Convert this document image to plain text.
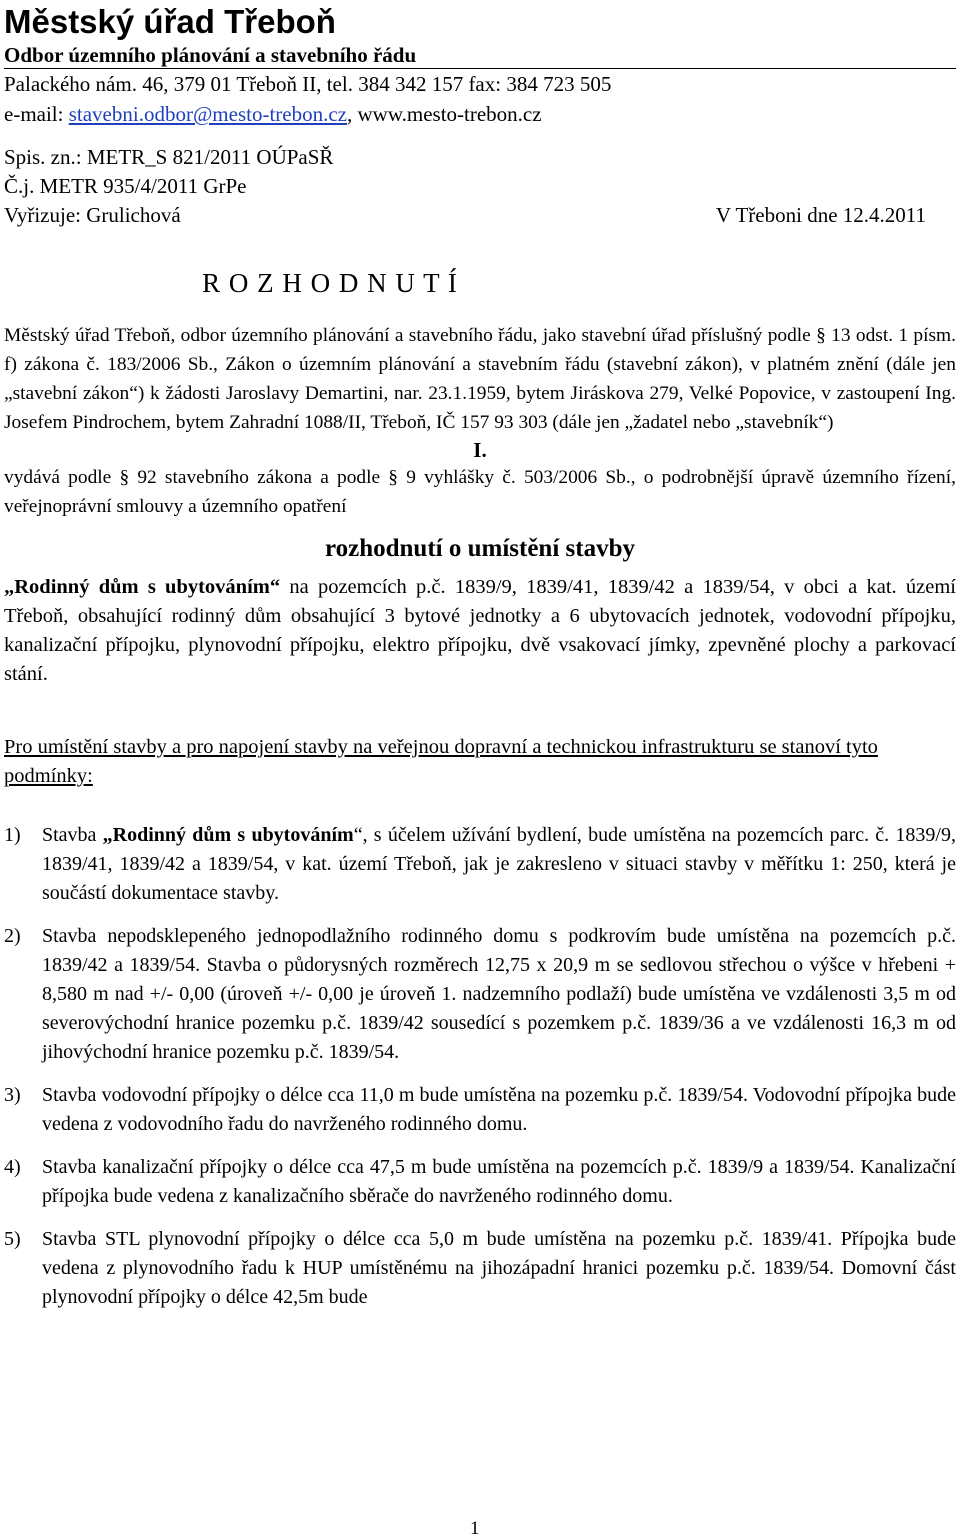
Městský úřad Třeboň
Odbor územního plánování a stavebního řádu
Palackého nám. 46, 379 01 Třeboň II, tel. 384 342 157 fax: 384 723 505
e-mail: stavebni.odbor@mesto-trebon.cz, www.mesto-trebon.cz
Spis. zn.: METR_S 821/2011 OÚPaSŘ
Č.j. METR 935/4/2011 GrPe
Vyřizuje: Grulichová	V Třeboni dne 12.4.2011
R O Z H O D N U T Í
Městský úřad Třeboň, odbor územního plánování a stavebního řádu, jako stavební úřad příslušný podle § 13 odst. 1 písm. f) zákona č. 183/2006 Sb., Zákon o územním plánování a stavebním řádu (stavební zákon), v platném znění (dále jen „stavební zákon“) k žádosti Jaroslavy Demartini, nar. 23.1.1959, bytem Jiráskova 279, Velké Popovice, v zastoupení Ing. Josefem Pindrochem, bytem Zahradní 1088/II, Třeboň, IČ 157 93 303 (dále jen „žadatel nebo „stavebník“)
I.
vydává podle § 92 stavebního zákona a podle § 9 vyhlášky č. 503/2006 Sb., o podrobnější úpravě územního řízení, veřejnoprávní smlouvy a územního opatření
rozhodnutí o umístění stavby
„Rodinný dům s ubytováním“ na pozemcích p.č. 1839/9, 1839/41, 1839/42 a 1839/54, v obci a kat. území Třeboň, obsahující rodinný dům obsahující 3 bytové jednotky a 6 ubytovacích jednotek, vodovodní přípojku, kanalizační přípojku, plynovodní přípojku, elektro přípojku, dvě vsakovací jímky, zpevněné plochy a parkovací stání.
Pro umístění stavby a pro napojení stavby na veřejnou dopravní a technickou infrastrukturu se stanoví tyto podmínky:
1)	Stavba „Rodinný dům s ubytováním“, s účelem užívání bydlení, bude umístěna na pozemcích parc. č. 1839/9, 1839/41, 1839/42 a 1839/54, v kat. území Třeboň, jak je zakresleno v situaci stavby v měřítku 1: 250, která je součástí dokumentace stavby.
2)	Stavba nepodsklepeného jednopodlažního rodinného domu s podkrovím bude umístěna na pozemcích p.č. 1839/42 a 1839/54. Stavba o půdorysných rozměrech 12,75 x 20,9 m se sedlovou střechou o výšce v hřebeni + 8,580 m nad +/- 0,00 (úroveň +/- 0,00 je úroveň 1. nadzemního podlaží) bude umístěna ve vzdálenosti 3,5 m od severovýchodní hranice pozemku p.č. 1839/42 sousedící s pozemkem p.č. 1839/36 a ve vzdálenosti 16,3 m od jihovýchodní hranice pozemku p.č. 1839/54.
3)	Stavba vodovodní přípojky o délce cca 11,0 m bude umístěna na pozemku p.č. 1839/54. Vodovodní přípojka bude vedena z vodovodního řadu do navrženého rodinného domu.
4)	Stavba kanalizační přípojky o délce cca 47,5 m bude umístěna na pozemcích p.č. 1839/9 a 1839/54. Kanalizační přípojka bude vedena z kanalizačního sběrače do navrženého rodinného domu.
5)	Stavba STL plynovodní přípojky o délce cca 5,0 m bude umístěna na pozemku p.č. 1839/41. Přípojka bude vedena z plynovodního řadu k HUP umístěnému na jihozápadní hranici pozemku p.č. 1839/54. Domovní část plynovodní přípojky o délce 42,5m bude
1
